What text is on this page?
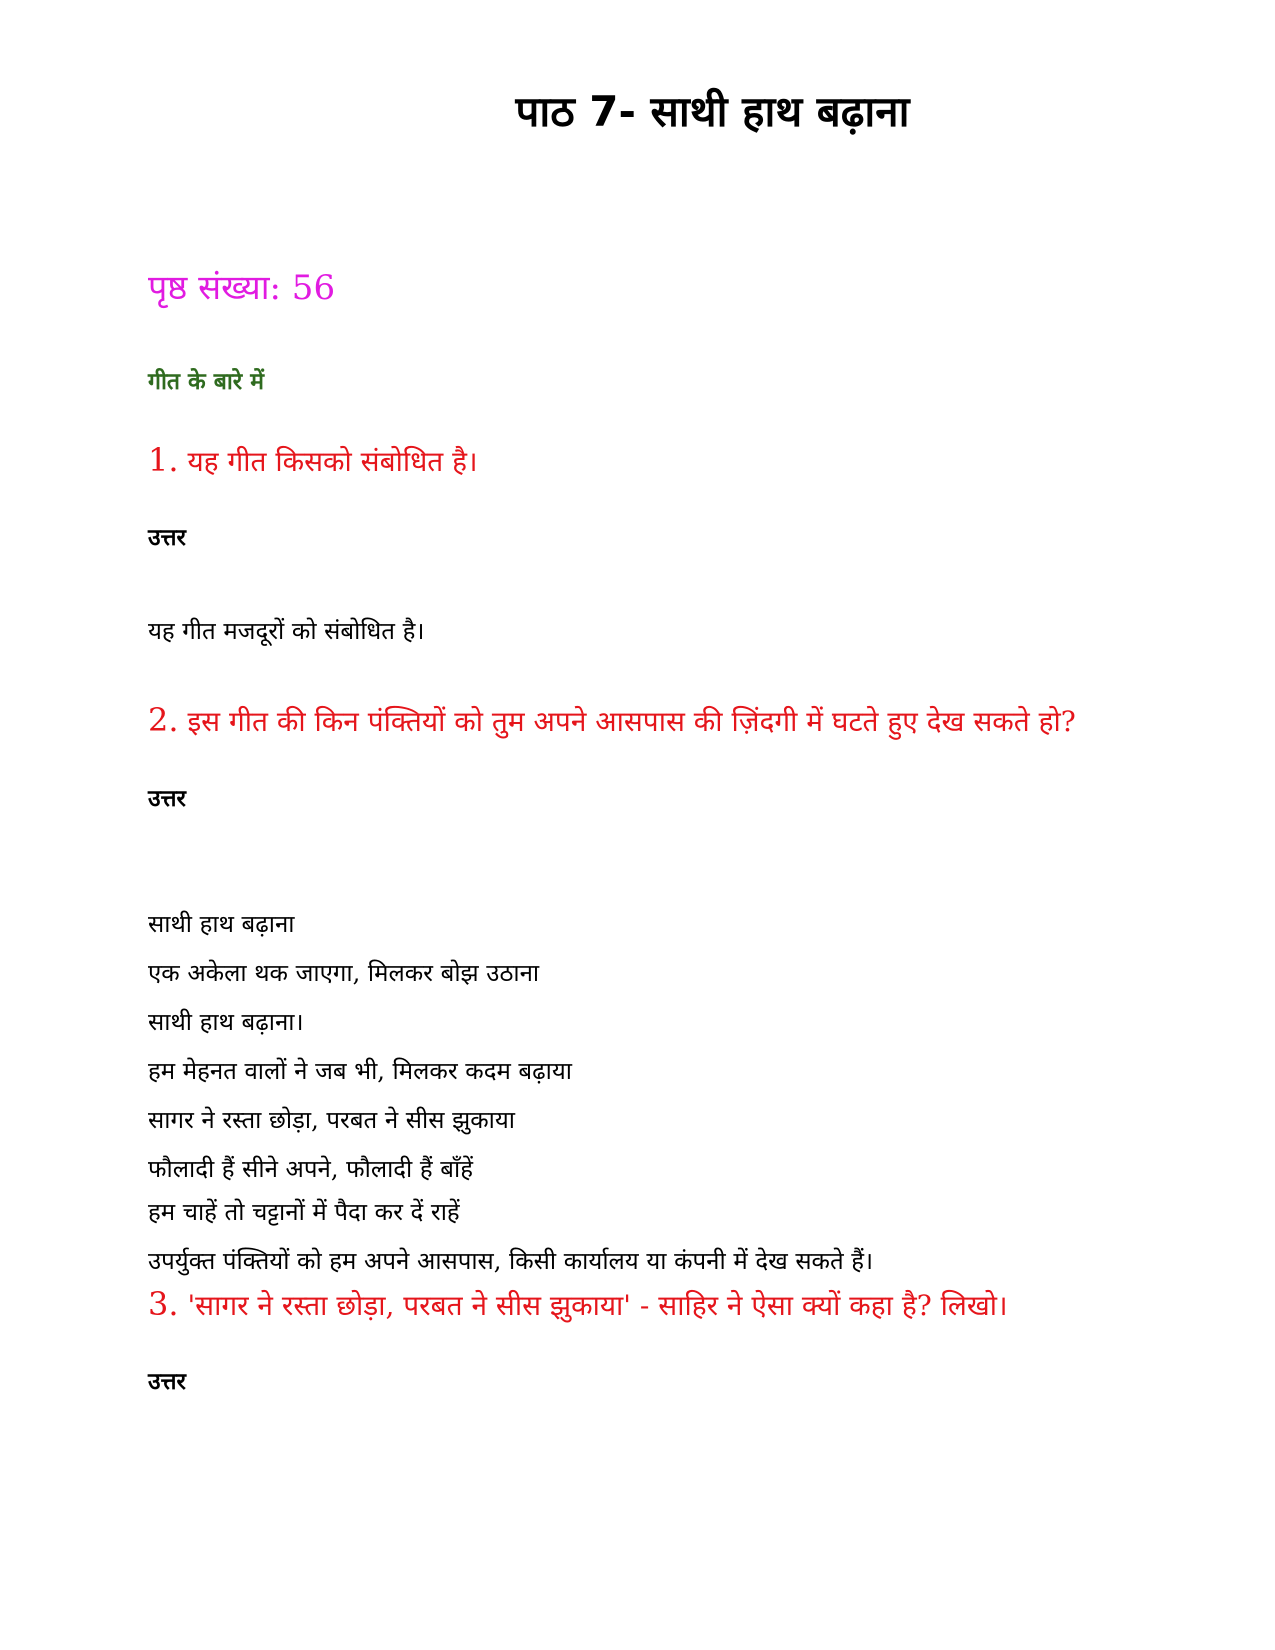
पाठ 7- साथी हाथ बढ़ाना
पृष्ठ संख्या: 56
गीत के बारे में
1. यह गीत किसको संबोधित है।
उत्तर
यह गीत मजदूरों को संबोधित है।
2. इस गीत की किन पंक्तियों को तुम अपने आसपास की ज़िंदगी में घटते हुए देख सकते हो?
उत्तर
साथी हाथ बढ़ाना
एक अकेला थक जाएगा, मिलकर बोझ उठाना
साथी हाथ बढ़ाना।
हम मेहनत वालों ने जब भी, मिलकर कदम बढ़ाया
सागर ने रस्ता छोड़ा, परबत ने सीस झुकाया
फौलादी हैं सीने अपने, फौलादी हैं बाँहें
हम चाहें तो चट्टानों में पैदा कर दें राहें
उपर्युक्त पंक्तियों को हम अपने आसपास, किसी कार्यालय या कंपनी में देख सकते हैं।
3. 'सागर ने रस्ता छोड़ा, परबत ने सीस झुकाया' - साहिर ने ऐसा क्यों कहा है? लिखो।
उत्तर
